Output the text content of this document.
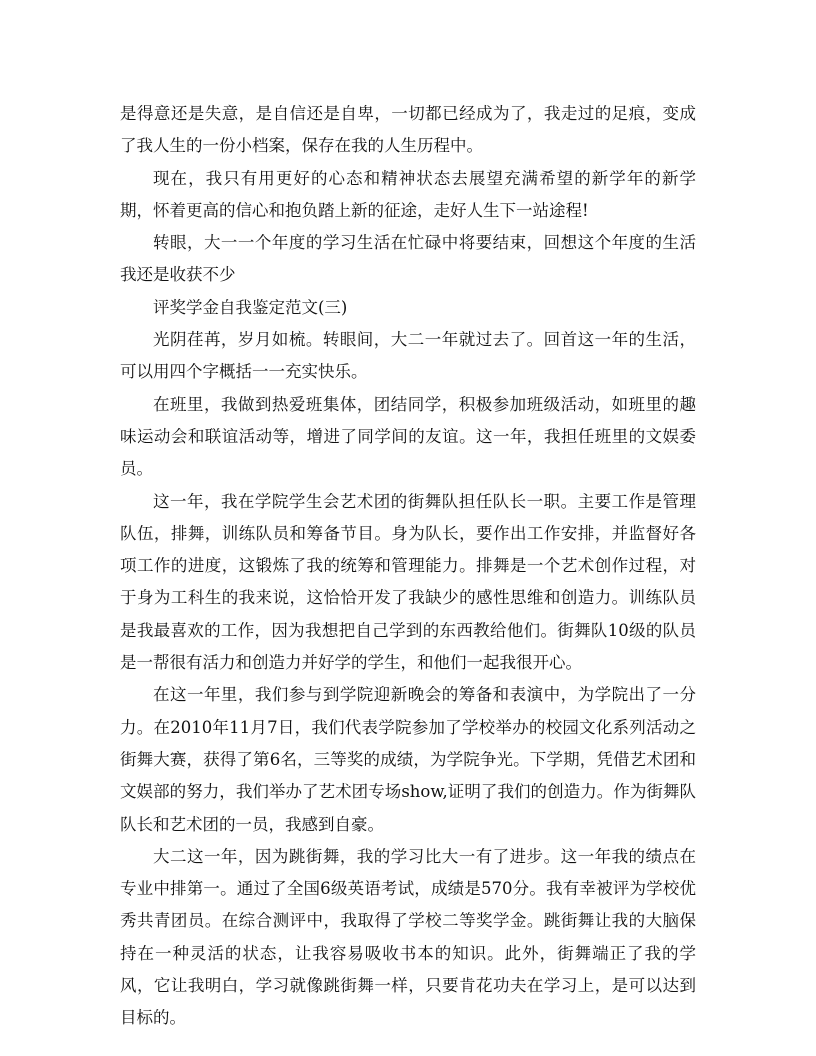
是得意还是失意，是自信还是自卑，一切都已经成为了，我走过的足痕，变成了我人生的一份小档案，保存在我的人生历程中。

现在，我只有用更好的心态和精神状态去展望充满希望的新学年的新学期，怀着更高的信心和抱负踏上新的征途，走好人生下一站途程!

转眼，大一一个年度的学习生活在忙碌中将要结束，回想这个年度的生活我还是收获不少

评奖学金自我鉴定范文(三)

光阴荏苒，岁月如梳。转眼间，大二一年就过去了。回首这一年的生活，可以用四个字概括一一充实快乐。

在班里，我做到热爱班集体，团结同学，积极参加班级活动，如班里的趣味运动会和联谊活动等，增进了同学间的友谊。这一年，我担任班里的文娱委员。

这一年，我在学院学生会艺术团的街舞队担任队长一职。主要工作是管理队伍，排舞，训练队员和筹备节目。身为队长，要作出工作安排，并监督好各项工作的进度，这锻炼了我的统筹和管理能力。排舞是一个艺术创作过程，对于身为工科生的我来说，这恰恰开发了我缺少的感性思维和创造力。训练队员是我最喜欢的工作，因为我想把自己学到的东西教给他们。街舞队10级的队员是一帮很有活力和创造力并好学的学生，和他们一起我很开心。

在这一年里，我们参与到学院迎新晚会的筹备和表演中，为学院出了一分力。在2010年11月7日，我们代表学院参加了学校举办的校园文化系列活动之街舞大赛，获得了第6名，三等奖的成绩，为学院争光。下学期，凭借艺术团和文娱部的努力，我们举办了艺术团专场show,证明了我们的创造力。作为街舞队队长和艺术团的一员，我感到自豪。

大二这一年，因为跳街舞，我的学习比大一有了进步。这一年我的绩点在专业中排第一。通过了全国6级英语考试，成绩是570分。我有幸被评为学校优秀共青团员。在综合测评中，我取得了学校二等奖学金。跳街舞让我的大脑保持在一种灵活的状态，让我容易吸收书本的知识。此外，街舞端正了我的学风，它让我明白，学习就像跳街舞一样，只要肯花功夫在学习上，是可以达到目标的。
